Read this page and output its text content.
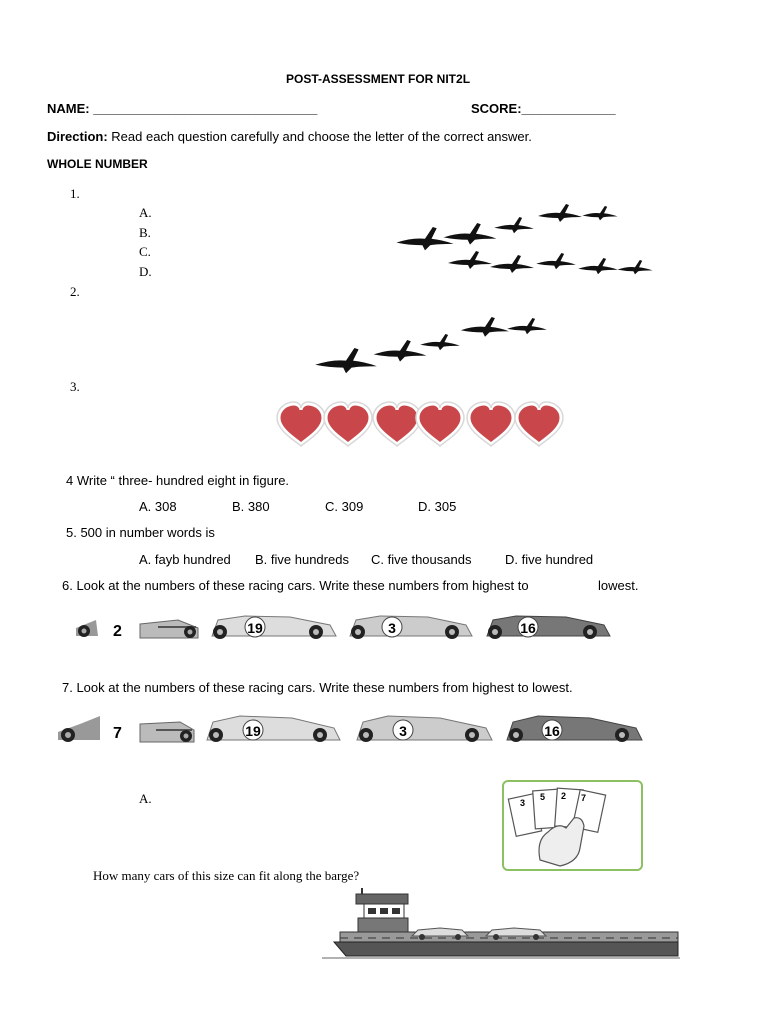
POST-ASSESSMENT FOR NIT2L
NAME: _______________________________	SCORE:_____________
Direction: Read each question carefully and choose the letter of the correct answer.
WHOLE NUMBER
1.
A.
B.
C.
D.
2.
3.
4 Write “ three- hundred eight in figure.
A. 308	B. 380	C. 309	D. 305
5. 500 in number words is
A. fayb hundred B. five hundreds C. five thousands	D. five hundred
6. Look at the numbers of these racing cars. Write these numbers from highest to	lowest.
2	19	3	16
7. Look at the numbers of these racing cars. Write these numbers from highest to lowest.
7	19	3	16
A.	3
5 2 7
How many cars of this size can fit along the barge?
